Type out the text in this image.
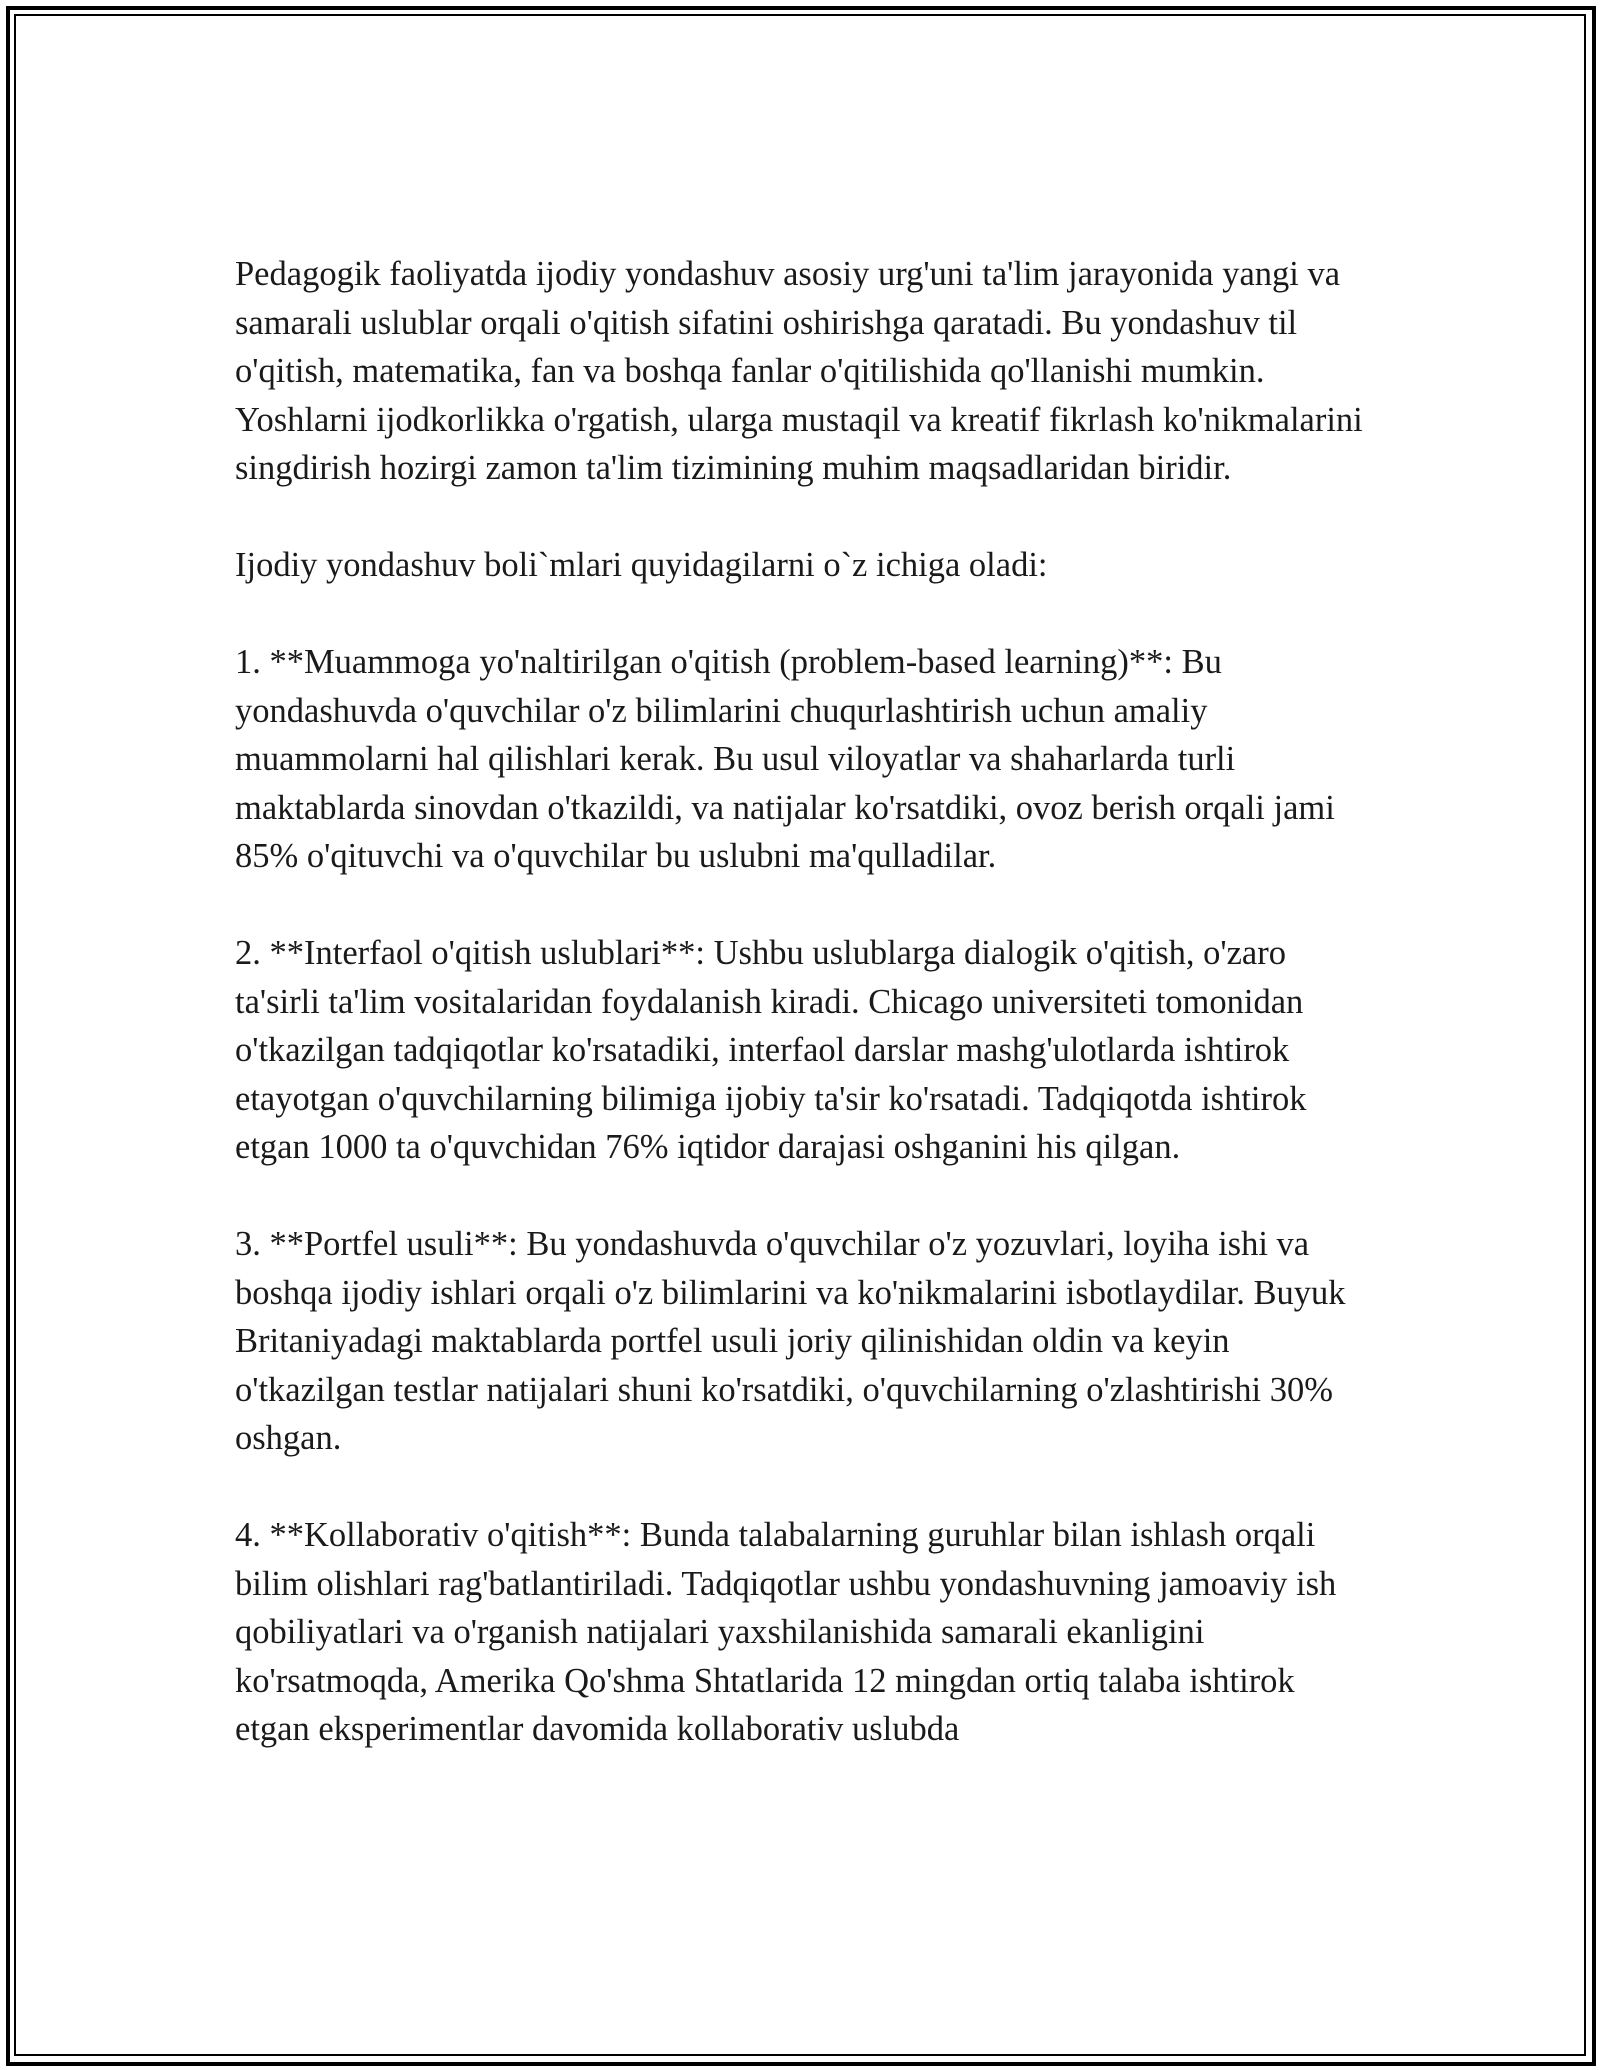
Pedagogik faoliyatda ijodiy yondashuv asosiy urg'uni ta'lim jarayonida yangi va samarali uslublar orqali o'qitish sifatini oshirishga qaratadi. Bu yondashuv til o'qitish, matematika, fan va boshqa fanlar o'qitilishida qo'llanishi mumkin. Yoshlarni ijodkorlikka o'rgatish, ularga mustaqil va kreatif fikrlash ko'nikmalarini singdirish hozirgi zamon ta'lim tizimining muhim maqsadlaridan biridir.

Ijodiy yondashuv boli`mlari quyidagilarni o`z ichiga oladi:

1. **Muammoga yo'naltirilgan o'qitish (problem-based learning)**: Bu yondashuvda o'quvchilar o'z bilimlarini chuqurlashtirish uchun amaliy muammolarni hal qilishlari kerak. Bu usul viloyatlar va shaharlarda turli maktablarda sinovdan o'tkazildi, va natijalar ko'rsatdiki, ovoz berish orqali jami 85% o'qituvchi va o'quvchilar bu uslubni ma'qulladilar.

2. **Interfaol o'qitish uslublari**: Ushbu uslublarga dialogik o'qitish, o'zaro ta'sirli ta'lim vositalaridan foydalanish kiradi. Chicago universiteti tomonidan o'tkazilgan tadqiqotlar ko'rsatadiki, interfaol darslar mashg'ulotlarda ishtirok etayotgan o'quvchilarning bilimiga ijobiy ta'sir ko'rsatadi. Tadqiqotda ishtirok etgan 1000 ta o'quvchidan 76% iqtidor darajasi oshganini his qilgan.

3. **Portfel usuli**: Bu yondashuvda o'quvchilar o'z yozuvlari, loyiha ishi va boshqa ijodiy ishlari orqali o'z bilimlarini va ko'nikmalarini isbotlaydilar. Buyuk Britaniyadagi maktablarda portfel usuli joriy qilinishidan oldin va keyin o'tkazilgan testlar natijalari shuni ko'rsatdiki, o'quvchilarning o'zlashtirishi 30% oshgan.

4. **Kollaborativ o'qitish**: Bunda talabalarning guruhlar bilan ishlash orqali bilim olishlari rag'batlantiriladi. Tadqiqotlar ushbu yondashuvning jamoaviy ish qobiliyatlari va o'rganish natijalari yaxshilanishida samarali ekanligini ko'rsatmoqda, Amerika Qo'shma Shtatlarida 12 mingdan ortiq talaba ishtirok etgan eksperimentlar davomida kollaborativ uslubda
